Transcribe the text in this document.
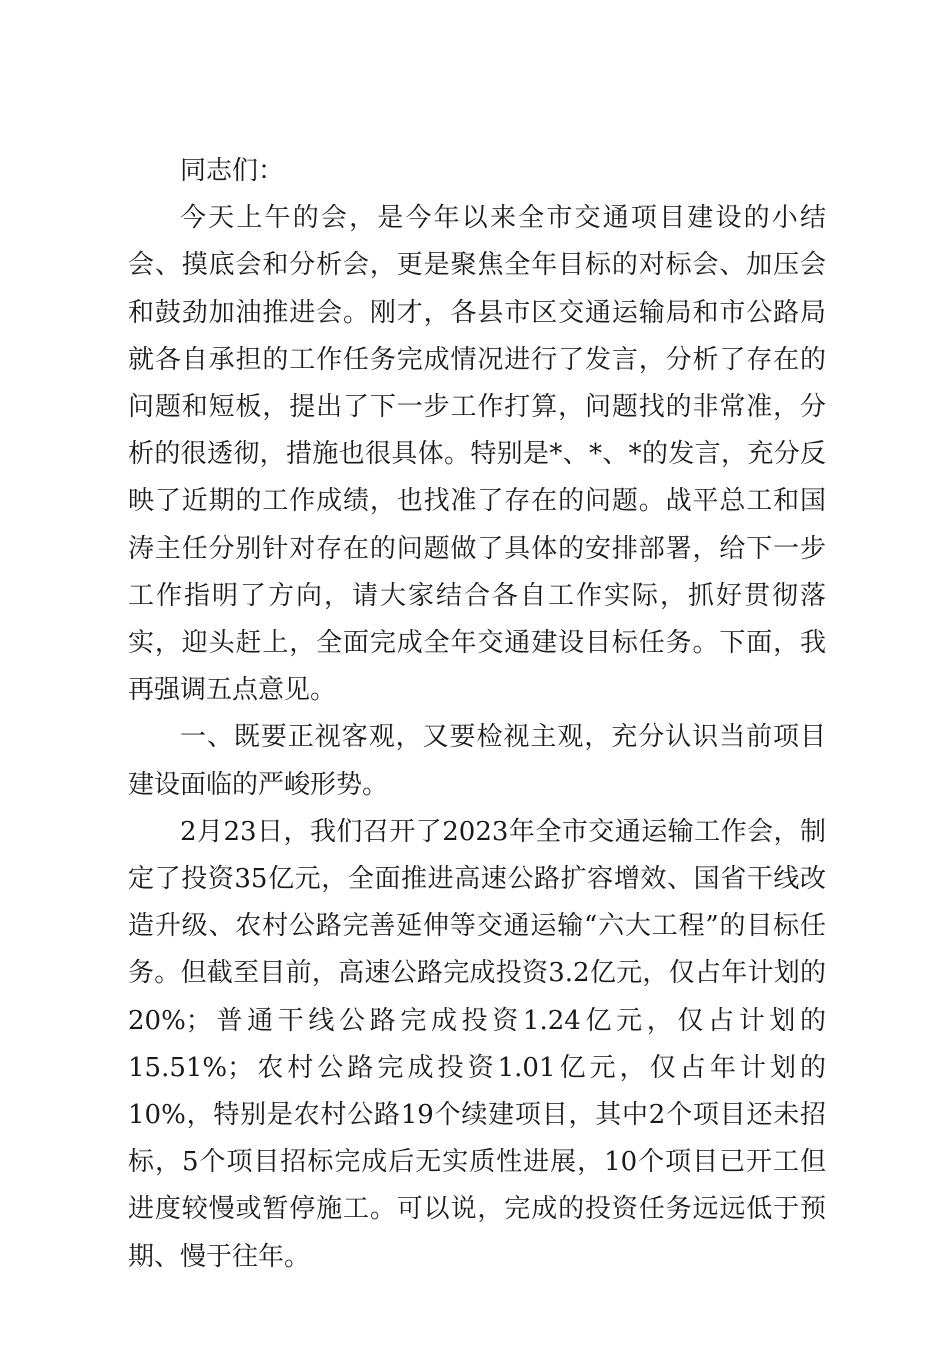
同志们：

今天上午的会，是今年以来全市交通项目建设的小结会、摸底会和分析会，更是聚焦全年目标的对标会、加压会和鼓劲加油推进会。刚才，各县市区交通运输局和市公路局就各自承担的工作任务完成情况进行了发言，分析了存在的问题和短板，提出了下一步工作打算，问题找的非常准，分析的很透彻，措施也很具体。特别是*、*、*的发言，充分反映了近期的工作成绩，也找准了存在的问题。战平总工和国涛主任分别针对存在的问题做了具体的安排部署，给下一步工作指明了方向，请大家结合各自工作实际，抓好贯彻落实，迎头赶上，全面完成全年交通建设目标任务。下面，我再强调五点意见。

一、既要正视客观，又要检视主观，充分认识当前项目建设面临的严峻形势。

2月23日，我们召开了2023年全市交通运输工作会，制定了投资35亿元，全面推进高速公路扩容增效、国省干线改造升级、农村公路完善延伸等交通运输“六大工程”的目标任务。但截至目前，高速公路完成投资3.2亿元，仅占年计划的20%；普通干线公路完成投资1.24亿元，仅占计划的15.51%；农村公路完成投资1.01亿元，仅占年计划的10%，特别是农村公路19个续建项目，其中2个项目还未招标，5个项目招标完成后无实质性进展，10个项目已开工但进度较慢或暂停施工。可以说，完成的投资任务远远低于预期、慢于往年。
